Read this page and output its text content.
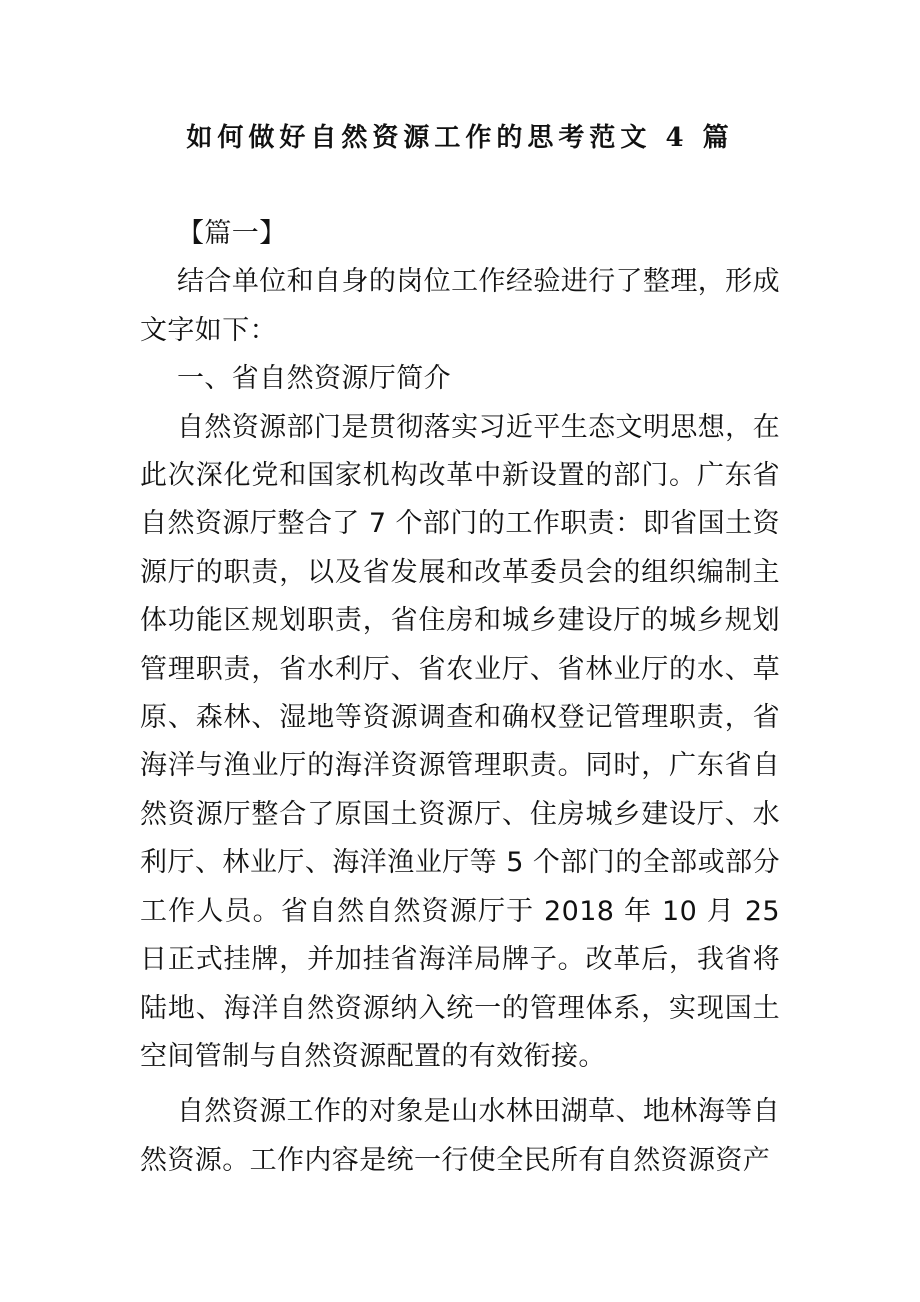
如何做好自然资源工作的思考范文 4 篇

【篇一】

结合单位和自身的岗位工作经验进行了整理，形成文字如下：

一、省自然资源厅简介

自然资源部门是贯彻落实习近平生态文明思想，在此次深化党和国家机构改革中新设置的部门。广东省自然资源厅整合了 7 个部门的工作职责：即省国土资源厅的职责，以及省发展和改革委员会的组织编制主体功能区规划职责，省住房和城乡建设厅的城乡规划管理职责，省水利厅、省农业厅、省林业厅的水、草原、森林、湿地等资源调查和确权登记管理职责，省海洋与渔业厅的海洋资源管理职责。同时，广东省自然资源厅整合了原国土资源厅、住房城乡建设厅、水利厅、林业厅、海洋渔业厅等 5 个部门的全部或部分工作人员。省自然自然资源厅于 2018 年 10 月 25 日正式挂牌，并加挂省海洋局牌子。改革后，我省将陆地、海洋自然资源纳入统一的管理体系，实现国土空间管制与自然资源配置的有效衔接。

自然资源工作的对象是山水林田湖草、地林海等自然资源。工作内容是统一行使全民所有自然资源资产
